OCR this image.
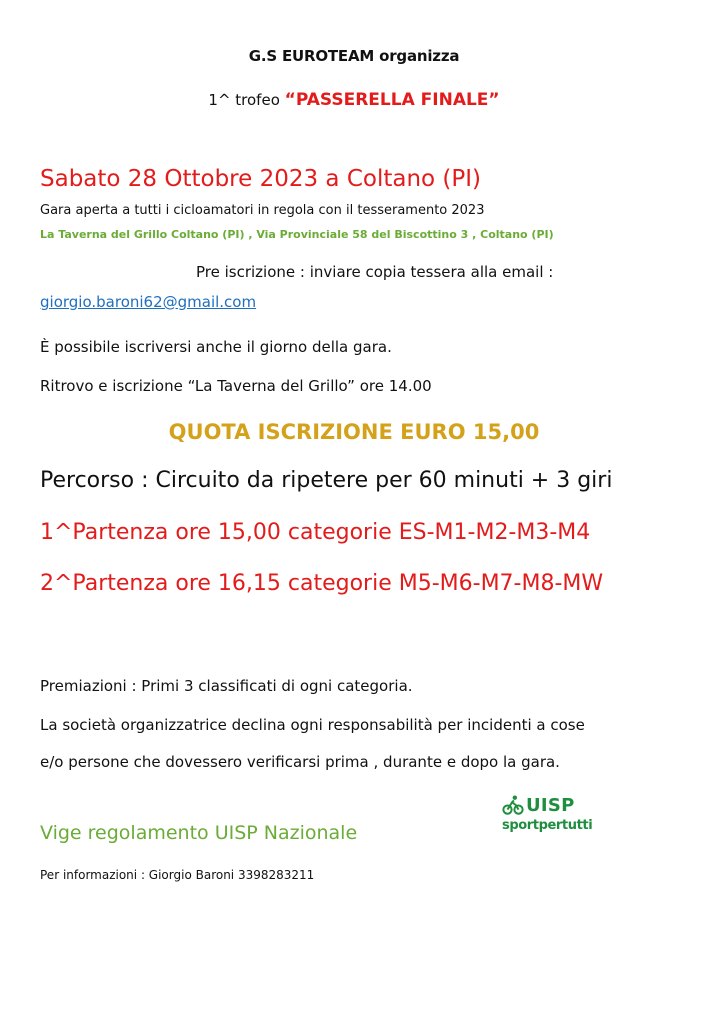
G.S EUROTEAM organizza
1^ trofeo “PASSERELLA FINALE”
Sabato 28 Ottobre 2023 a Coltano (PI)
Gara aperta a tutti i cicloamatori in regola con il tesseramento 2023
La Taverna del Grillo Coltano (PI) , Via Provinciale 58 del Biscottino 3 , Coltano (PI)
Pre iscrizione : inviare copia tessera alla email :
giorgio.baroni62@gmail.com
È possibile iscriversi anche il giorno della gara.
Ritrovo e iscrizione “La Taverna del Grillo” ore 14.00
QUOTA ISCRIZIONE EURO 15,00
Percorso : Circuito da ripetere per 60 minuti + 3 giri
1^Partenza ore 15,00 categorie ES-M1-M2-M3-M4
2^Partenza ore 16,15 categorie M5-M6-M7-M8-MW
Premiazioni : Primi 3 classificati di ogni categoria.
La società organizzatrice declina ogni responsabilità per incidenti a cose
e/o persone che dovessero verificarsi prima , durante e dopo la gara.
UISP
sportpertutti
Vige regolamento UISP Nazionale
Per informazioni : Giorgio Baroni 3398283211
